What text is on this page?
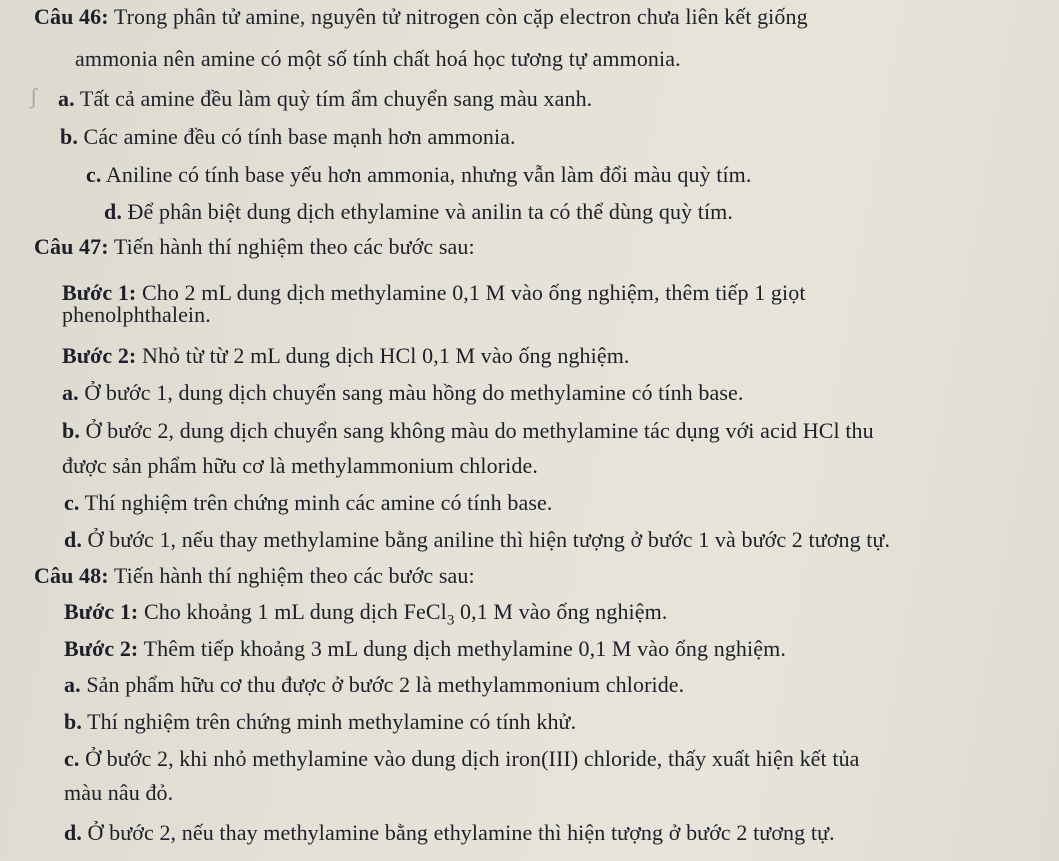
ʃ
Câu 46: Trong phân tử amine, nguyên tử nitrogen còn cặp electron chưa liên kết giống
ammonia nên amine có một số tính chất hoá học tương tự ammonia.
a. Tất cả amine đều làm quỳ tím ẩm chuyển sang màu xanh.
b. Các amine đều có tính base mạnh hơn ammonia.
c. Aniline có tính base yếu hơn ammonia, nhưng vẫn làm đổi màu quỳ tím.
d. Để phân biệt dung dịch ethylamine và anilin ta có thể dùng quỳ tím.
Câu 47: Tiến hành thí nghiệm theo các bước sau:
Bước 1: Cho 2 mL dung dịch methylamine 0,1 M vào ống nghiệm, thêm tiếp 1 giọt
phenolphthalein.
Bước 2: Nhỏ từ từ 2 mL dung dịch HCl 0,1 M vào ống nghiệm.
a. Ở bước 1, dung dịch chuyển sang màu hồng do methylamine có tính base.
b. Ở bước 2, dung dịch chuyển sang không màu do methylamine tác dụng với acid HCl thu
được sản phẩm hữu cơ là methylammonium chloride.
c. Thí nghiệm trên chứng minh các amine có tính base.
d. Ở bước 1, nếu thay methylamine bằng aniline thì hiện tượng ở bước 1 và bước 2 tương tự.
Câu 48: Tiến hành thí nghiệm theo các bước sau:
Bước 1: Cho khoảng 1 mL dung dịch FeCl$_3$ 0,1 M vào ống nghiệm.
Bước 2: Thêm tiếp khoảng 3 mL dung dịch methylamine 0,1 M vào ống nghiệm.
a. Sản phẩm hữu cơ thu được ở bước 2 là methylammonium chloride.
b. Thí nghiệm trên chứng minh methylamine có tính khử.
c. Ở bước 2, khi nhỏ methylamine vào dung dịch iron(III) chloride, thấy xuất hiện kết tủa
màu nâu đỏ.
d. Ở bước 2, nếu thay methylamine bằng ethylamine thì hiện tượng ở bước 2 tương tự.
